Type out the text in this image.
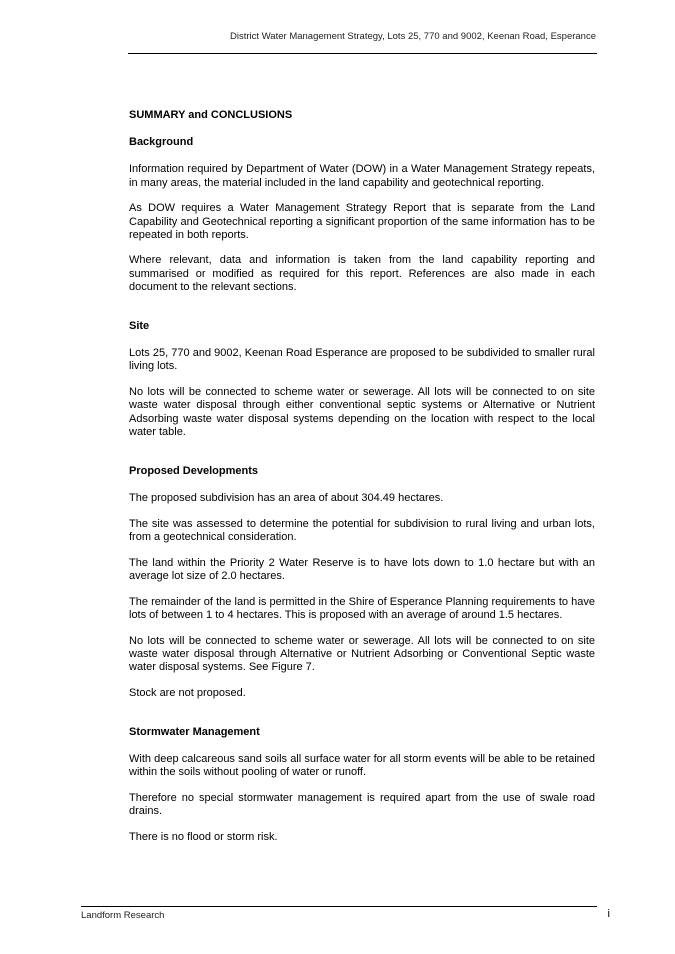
District Water Management Strategy, Lots 25, 770 and 9002, Keenan Road, Esperance
SUMMARY and CONCLUSIONS
Background

Information required by Department of Water (DOW) in a Water Management Strategy repeats, in many areas, the material included in the land capability and geotechnical reporting.

As DOW requires a Water Management Strategy Report that is separate from the Land Capability and Geotechnical reporting a significant proportion of the same information has to be repeated in both reports.

Where relevant, data and information is taken from the land capability reporting and summarised or modified as required for this report. References are also made in each document to the relevant sections.

Site

Lots 25, 770 and 9002, Keenan Road Esperance are proposed to be subdivided to smaller rural living lots.

No lots will be connected to scheme water or sewerage. All lots will be connected to on site waste water disposal through either conventional septic systems or Alternative or Nutrient Adsorbing waste water disposal systems depending on the location with respect to the local water table.

Proposed Developments

The proposed subdivision has an area of about 304.49 hectares.

The site was assessed to determine the potential for subdivision to rural living and urban lots, from a geotechnical consideration.

The land within the Priority 2 Water Reserve is to have lots down to 1.0 hectare but with an average lot size of 2.0 hectares.

The remainder of the land is permitted in the Shire of Esperance Planning requirements to have lots of between 1 to 4 hectares. This is proposed with an average of around 1.5 hectares.

No lots will be connected to scheme water or sewerage. All lots will be connected to on site waste water disposal through Alternative or Nutrient Adsorbing or Conventional Septic waste water disposal systems. See Figure 7.

Stock are not proposed.

Stormwater Management

With deep calcareous sand soils all surface water for all storm events will be able to be retained within the soils without pooling of water or runoff.

Therefore no special stormwater management is required apart from the use of swale road drains.

There is no flood or storm risk.

Landform Research	i
